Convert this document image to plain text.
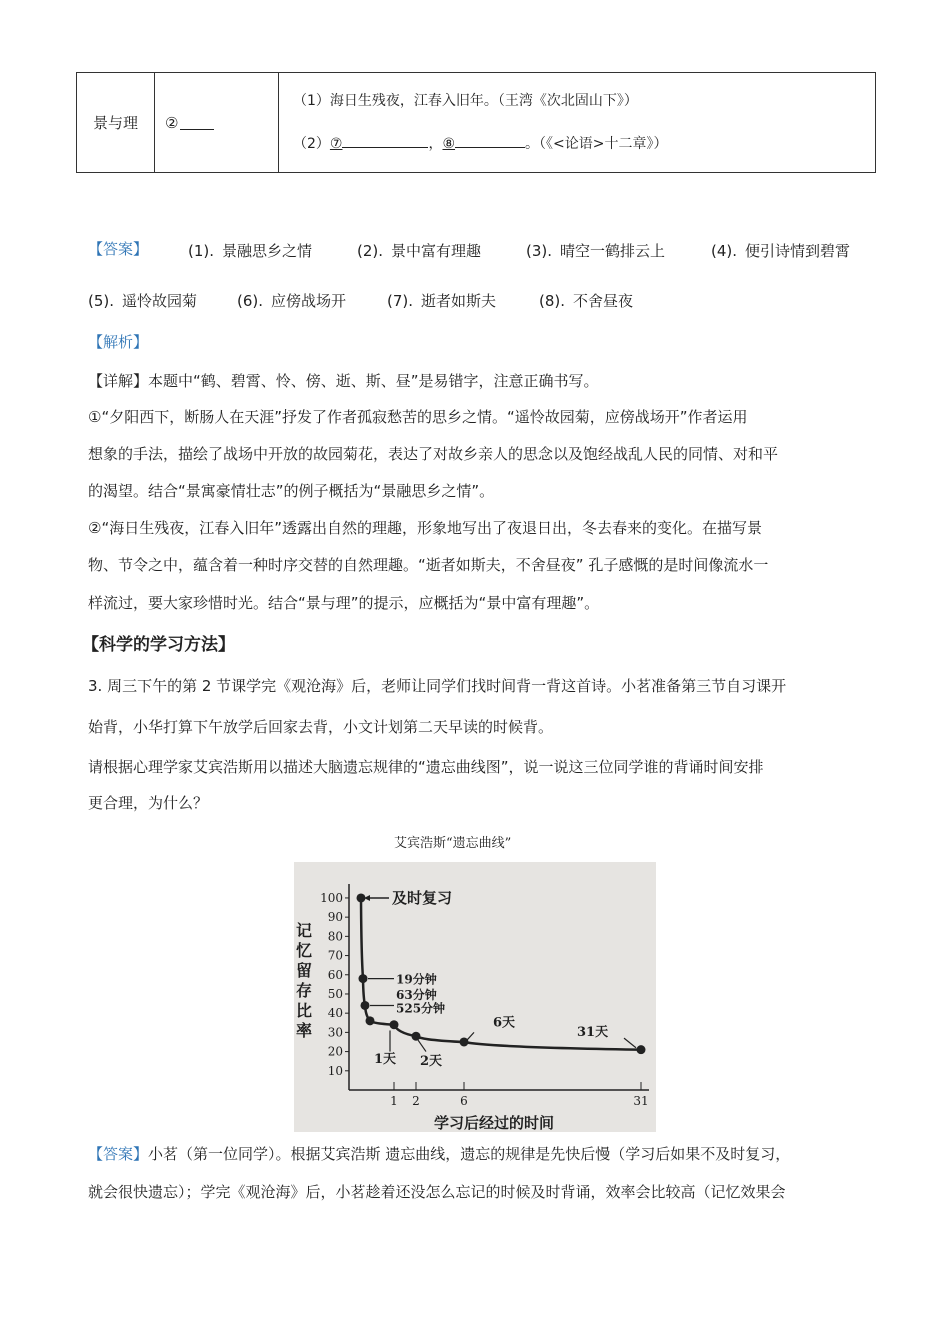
景与理	②
（1）海日生残夜，江春入旧年。（王湾《次北固山下》）
（2）⑦	，⑧	。（《<论语>十二章》）
【答案】	(1). 景融思乡之情	(2). 景中富有理趣	(3). 晴空一鹤排云上	(4). 便引诗情到碧霄
(5). 遥怜故园菊	(6). 应傍战场开	(7). 逝者如斯夫	(8). 不舍昼夜
【解析】
【详解】本题中“鹤、碧霄、怜、傍、逝、斯、昼”是易错字，注意正确书写。
①“夕阳西下，断肠人在天涯”抒发了作者孤寂愁苦的思乡之情。“遥怜故园菊，应傍战场开”作者运用
想象的手法，描绘了战场中开放的故园菊花，表达了对故乡亲人的思念以及饱经战乱人民的同情、对和平
的渴望。结合“景寓豪情壮志”的例子概括为“景融思乡之情”。
②“海日生残夜，江春入旧年”透露出自然的理趣，形象地写出了夜退日出，冬去春来的变化。在描写景
物、节令之中，蕴含着一种时序交替的自然理趣。“逝者如斯夫，不舍昼夜” 孔子感慨的是时间像流水一
样流过，要大家珍惜时光。结合“景与理”的提示，应概括为“景中富有理趣”。
【科学的学习方法】
3. 周三下午的第 2 节课学完《观沧海》后，老师让同学们找时间背一背这首诗。小茗准备第三节自习课开
始背，小华打算下午放学后回家去背，小文计划第二天早读的时候背。
请根据心理学家艾宾浩斯用以描述大脑遗忘规律的“遗忘曲线图”，说一说这三位同学谁的背诵时间安排
更合理，为什么？
艾宾浩斯“遗忘曲线”
10
20
30
40
50
60
70
80
90
100
1 2	6	31
记
忆
留
存
比
率
学习后经过的时间
及时复习
19分钟
63分钟
525分钟
1天 2天
6天
31天
【答案】小茗（第一位同学）。根据艾宾浩斯 遗忘曲线，遗忘的规律是先快后慢（学习后如果不及时复习，
就会很快遗忘）；学完《观沧海》后，小茗趁着还没怎么忘记的时候及时背诵，效率会比较高（记忆效果会
